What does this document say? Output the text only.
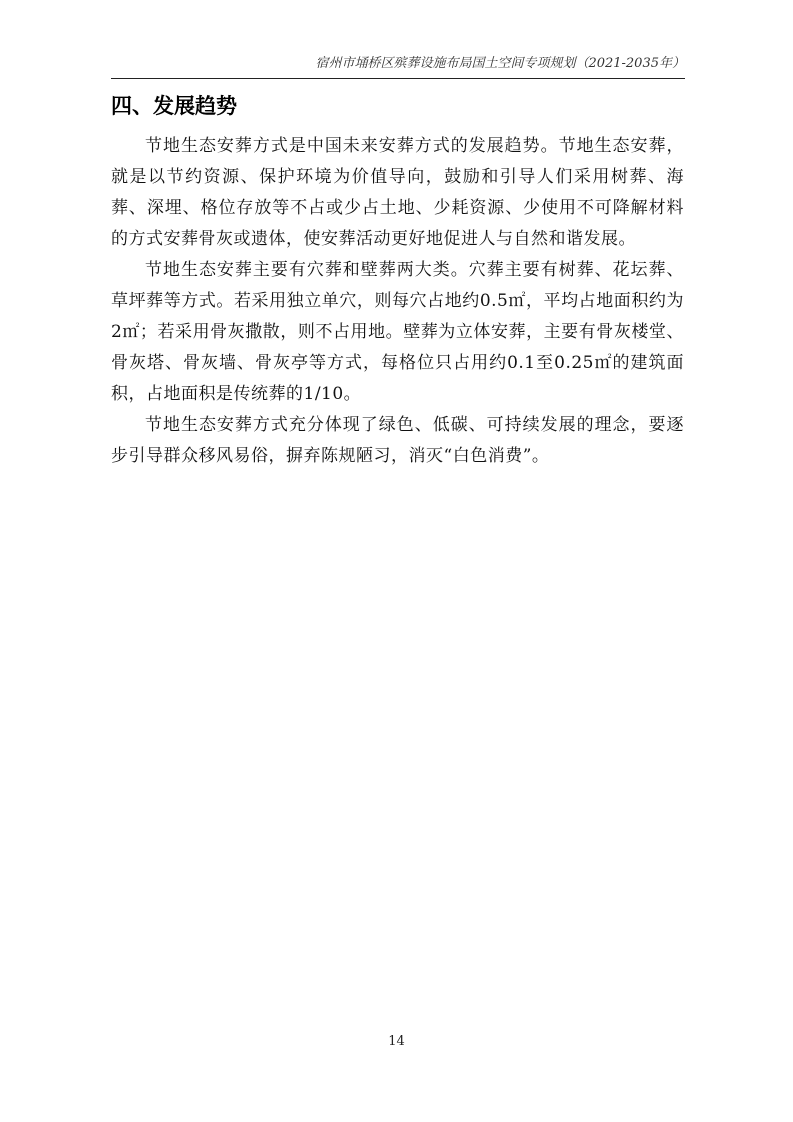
宿州市埇桥区殡葬设施布局国土空间专项规划（2021-2035年）
四、发展趋势

节地生态安葬方式是中国未来安葬方式的发展趋势。节地生态安葬，就是以节约资源、保护环境为价值导向，鼓励和引导人们采用树葬、海葬、深埋、格位存放等不占或少占土地、少耗资源、少使用不可降解材料的方式安葬骨灰或遗体，使安葬活动更好地促进人与自然和谐发展。

节地生态安葬主要有穴葬和壁葬两大类。穴葬主要有树葬、花坛葬、草坪葬等方式。若采用独立单穴，则每穴占地约0.5㎡，平均占地面积约为2㎡；若采用骨灰撒散，则不占用地。壁葬为立体安葬，主要有骨灰楼堂、骨灰塔、骨灰墙、骨灰亭等方式，每格位只占用约0.1至0.25㎡的建筑面积，占地面积是传统葬的1/10。

节地生态安葬方式充分体现了绿色、低碳、可持续发展的理念，要逐步引导群众移风易俗，摒弃陈规陋习，消灭“白色消费”。

14
